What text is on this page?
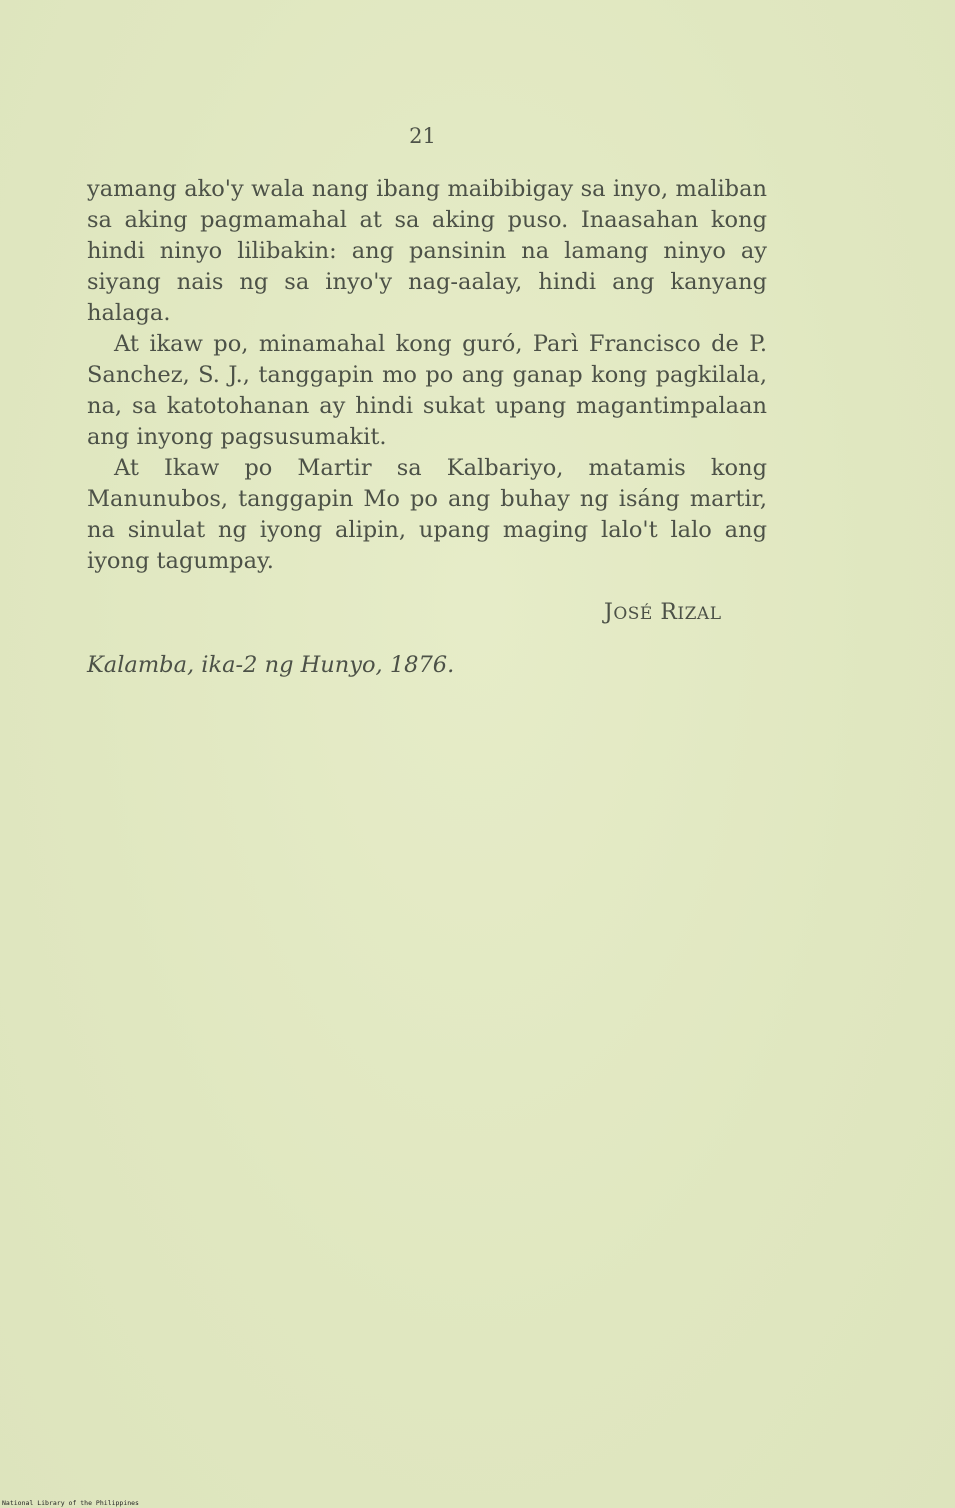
21

yamang ako'y wala nang ibang maibibigay sa inyo, maliban sa aking pagmamahal at sa aking puso. Inaasahan kong hindi ninyo lilibakin: ang pansinin na lamang ninyo ay siyang nais ng sa inyo'y nag-aalay, hindi ang kanyang halaga.

At ikaw po, minamahal kong guró, Parì Francisco de P. Sanchez, S. J., tanggapin mo po ang ganap kong pagkilala, na, sa katotohanan ay hindi sukat upang magantimpalaan ang inyong pagsusumakit.

At Ikaw po Martir sa Kalbariyo, matamis kong Manunubos, tanggapin Mo po ang buhay ng isáng martir, na sinulat ng iyong alipin, upang maging lalo't lalo ang iyong tagumpay.

JOSÉ RIZAL
Kalamba, ika-2 ng Hunyo, 1876.
National Library of the Philippines
